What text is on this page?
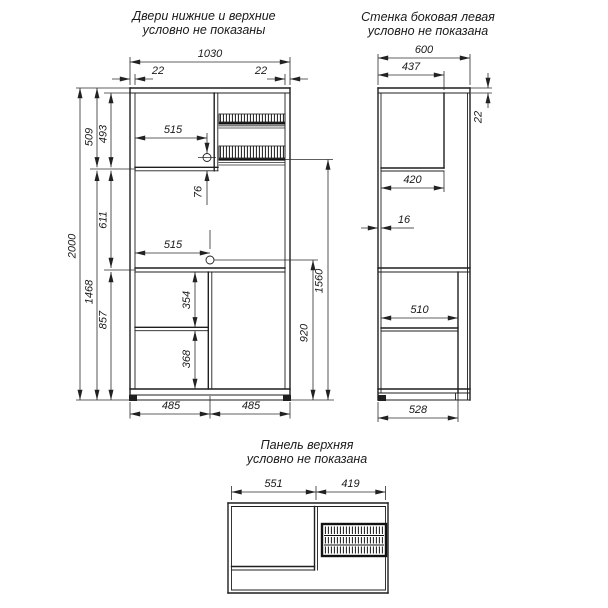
Двери нижние и верхние
условно не показаны
Стенка боковая левая
условно не показана
Панель верхняя
условно не показана
1030
22	22
2000
509
1468
493
611
857
515
76
515
354
368
485	485
920
1560
600
437
22
420
16
510
528
551	419
